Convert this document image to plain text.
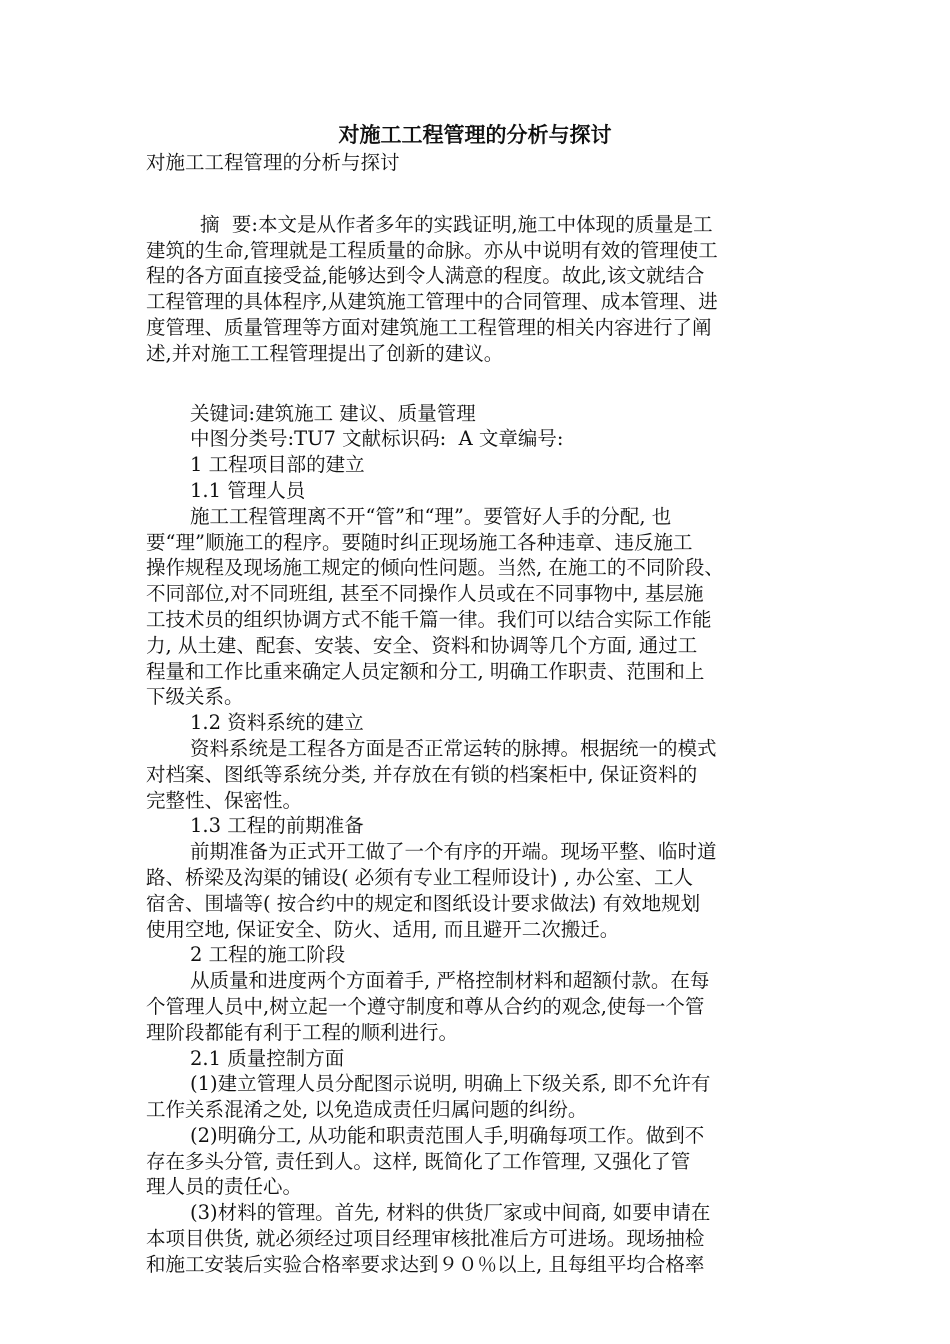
对施工工程管理的分析与探讨
对施工工程管理的分析与探讨
摘  要:本文是从作者多年的实践证明,施工中体现的质量是工
建筑的生命,管理就是工程质量的命脉。亦从中说明有效的管理使工
程的各方面直接受益,能够达到令人满意的程度。故此,该文就结合
工程管理的具体程序,从建筑施工管理中的合同管理、成本管理、进
度管理、质量管理等方面对建筑施工工程管理的相关内容进行了阐
述,并对施工工程管理提出了创新的建议。
关键词:建筑施工 建议、质量管理
中图分类号:TU7 文献标识码:  A 文章编号:
1 工程项目部的建立
1.1 管理人员
施工工程管理离不开“管”和“理”。要管好人手的分配, 也
要“理”顺施工的程序。要随时纠正现场施工各种违章、违反施工
操作规程及现场施工规定的倾向性问题。当然, 在施工的不同阶段、
不同部位,对不同班组, 甚至不同操作人员或在不同事物中, 基层施
工技术员的组织协调方式不能千篇一律。我们可以结合实际工作能
力, 从土建、配套、安装、安全、资料和协调等几个方面, 通过工
程量和工作比重来确定人员定额和分工, 明确工作职责、范围和上
下级关系。
1.2 资料系统的建立
资料系统是工程各方面是否正常运转的脉搏。根据统一的模式
对档案、图纸等系统分类, 并存放在有锁的档案柜中, 保证资料的
完整性、保密性。
1.3 工程的前期准备
前期准备为正式开工做了一个有序的开端。现场平整、临时道
路、桥梁及沟渠的铺设( 必须有专业工程师设计) , 办公室、工人
宿舍、围墙等( 按合约中的规定和图纸设计要求做法) 有效地规划
使用空地, 保证安全、防火、适用, 而且避开二次搬迁。
2 工程的施工阶段
从质量和进度两个方面着手, 严格控制材料和超额付款。在每
个管理人员中,树立起一个遵守制度和尊从合约的观念,使每一个管
理阶段都能有利于工程的顺利进行。
2.1 质量控制方面
(1)建立管理人员分配图示说明, 明确上下级关系, 即不允许有
工作关系混淆之处, 以免造成责任归属问题的纠纷。
(2)明确分工, 从功能和职责范围人手,明确每项工作。做到不
存在多头分管, 责任到人。这样, 既简化了工作管理, 又强化了管
理人员的责任心。
(3)材料的管理。首先, 材料的供货厂家或中间商, 如要申请在
本项目供货, 就必须经过项目经理审核批准后方可进场。现场抽检
和施工安装后实验合格率要求达到９０％以上, 且每组平均合格率
